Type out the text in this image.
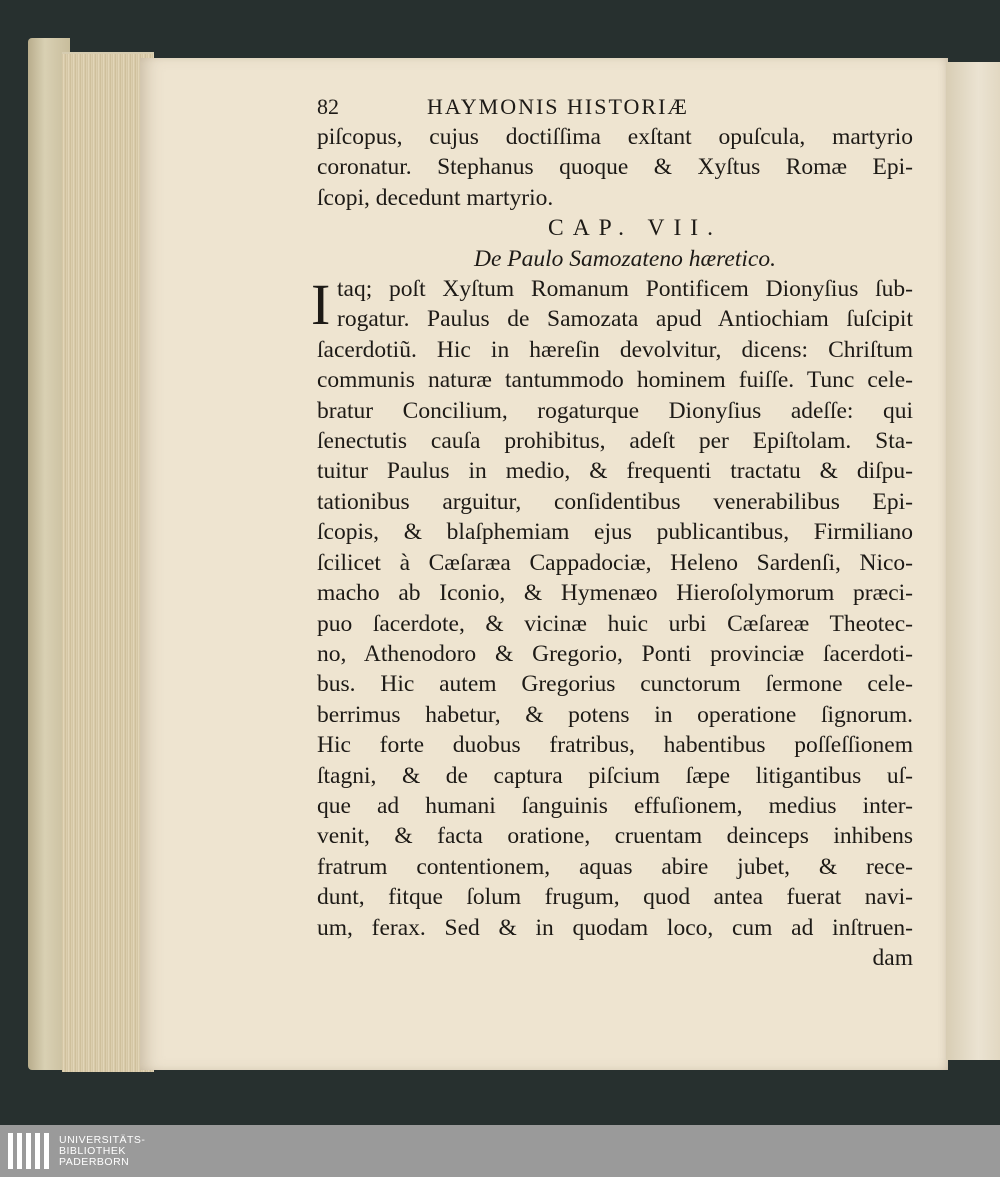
82	HAYMONIS HISTORIÆ
piſcopus, cujus doctiſſima exſtant opuſcula, martyrio
coronatur. Stephanus quoque & Xyſtus Romæ Epi-
ſcopi, decedunt martyrio.
CAP. VII.
De Paulo Samozateno hæretico.
I taq; poſt Xyſtum Romanum Pontificem Dionyſius ſub-
rogatur. Paulus de Samozata apud Antiochiam ſuſcipit
ſacerdotiũ. Hic in hæreſin devolvitur, dicens: Chriſtum
communis naturæ tantummodo hominem fuiſſe. Tunc cele-
bratur Concilium, rogaturque Dionyſius adeſſe: qui
ſenectutis cauſa prohibitus, adeſt per Epiſtolam. Sta-
tuitur Paulus in medio, & frequenti tractatu & diſpu-
tationibus arguitur, conſidentibus venerabilibus Epi-
ſcopis, & blaſphemiam ejus publicantibus, Firmiliano
ſcilicet à Cæſaræa Cappadociæ, Heleno Sardenſi, Nico-
macho ab Iconio, & Hymenæo Hieroſolymorum præci-
puo ſacerdote, & vicinæ huic urbi Cæſareæ Theotec-
no, Athenodoro & Gregorio, Ponti provinciæ ſacerdoti-
bus. Hic autem Gregorius cunctorum ſermone cele-
berrimus habetur, & potens in operatione ſignorum.
Hic forte duobus fratribus, habentibus poſſeſſionem
ſtagni, & de captura piſcium ſæpe litigantibus uſ-
que ad humani ſanguinis effuſionem, medius inter-
venit, & facta oratione, cruentam deinceps inhibens
fratrum contentionem, aquas abire jubet, & rece-
dunt, fitque ſolum frugum, quod antea fuerat navi-
um, ferax. Sed & in quodam loco, cum ad inſtruen-
dam
UNIVERSITÄTS-
BIBLIOTHEK
PADERBORN
